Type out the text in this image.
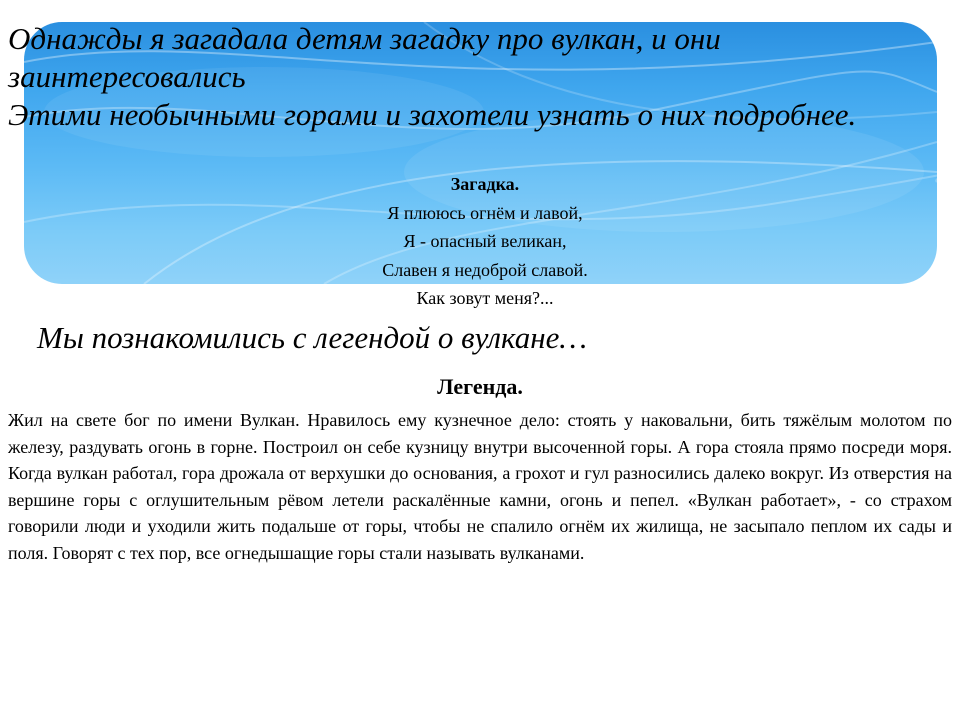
Однажды я загадала детям загадку про вулкан, и они заинтересовались
Этими необычными горами и захотели узнать о них подробнее.

Загадка.
Я плююсь огнём и лавой,
Я - опасный великан,
Славен я недоброй славой.
Как зовут меня?...
Мы познакомились с легендой о вулкане…
Легенда.

Жил на свете бог по имени Вулкан. Нравилось ему кузнечное дело: стоять у наковальни, бить тяжёлым молотом по железу, раздувать огонь в горне. Построил он себе кузницу внутри высоченной горы. А гора стояла прямо посреди моря. Когда вулкан работал, гора дрожала от верхушки до основания, а грохот и гул разносились далеко вокруг. Из отверстия на вершине горы с оглушительным рёвом летели раскалённые камни, огонь и пепел. «Вулкан работает», - со страхом говорили люди и уходили жить подальше от горы, чтобы не спалило огнём их жилища, не засыпало пеплом их сады и поля. Говорят с тех пор, все огнедышащие горы стали называть вулканами.
